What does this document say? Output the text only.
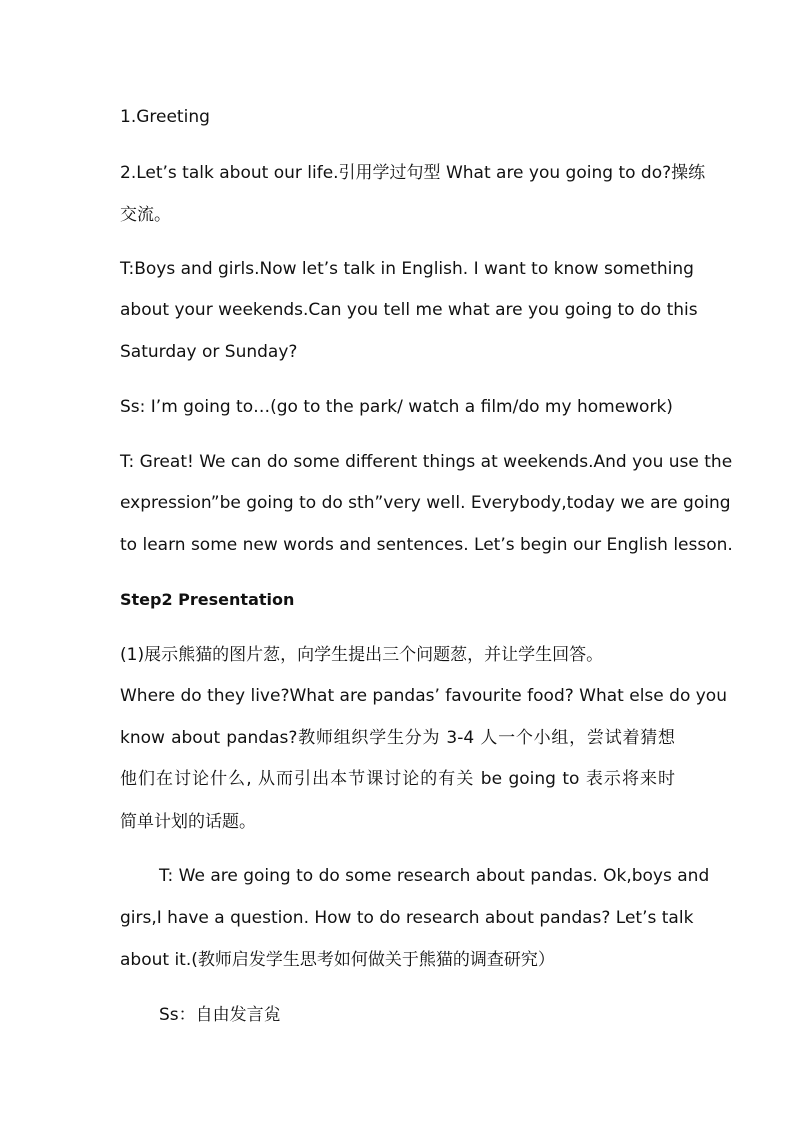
1.Greeting
2.Let’s talk about our life.引用学过句型 What are you going to do?操练
交流。
T:Boys and girls.Now let’s talk in English. I want to know something
about your weekends.Can you tell me what are you going to do this
Saturday or Sunday?
Ss: I’m going to…(go to the park/ watch a film/do my homework)
T: Great! We can do some different things at weekends.And you use the
expression”be going to do sth”very well. Everybody,today we are going
to learn some new words and sentences. Let’s begin our English lesson.
Step2 Presentation
(1)展示熊猫的图片䓤，向学生提出三个问题䓤，并让学生回答。
Where do they live?What are pandas’ favourite food? What else do you
know about pandas?教师组织学生分为 3-4 人一个小组，尝试着猜想
他们在讨论什么, 从而引出本节课讨论的有关 be going to 表示将来时
简单计划的话题。
T: We are going to do some research about pandas. Ok,boys and
girs,I have a question. How to do research about pandas? Let’s talk
about it.(教师启发学生思考如何做关于熊猫的调查研究）
Ss：自由发言㝸
